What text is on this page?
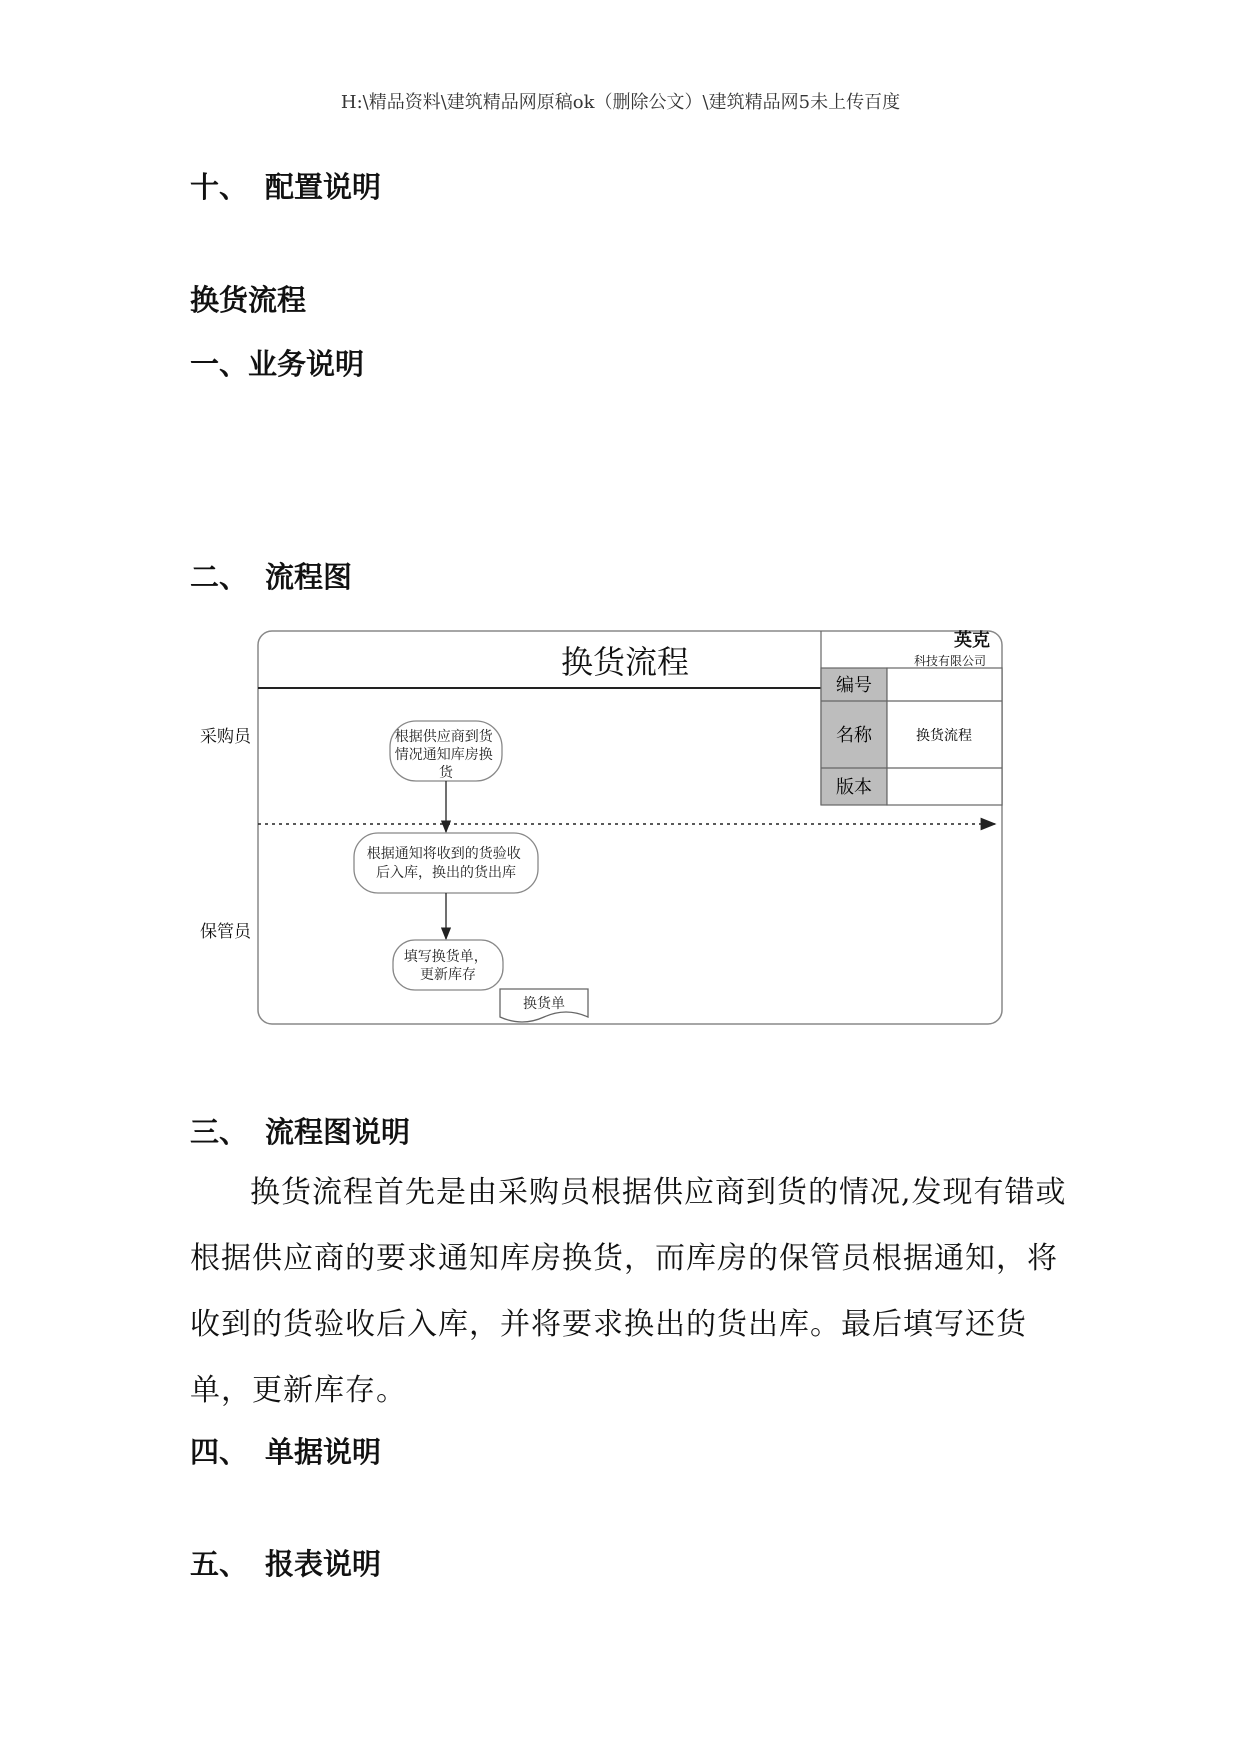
H:\精品资料\建筑精品网原稿ok（删除公文）\建筑精品网5未上传百度
十、 配置说明
换货流程
一、业务说明
二、 流程图
换货流程
英克
科技有限公司
编号
名称	换货流程
版本
采购员
保管员
根据供应商到货 情况通知库房换 货
根据通知将收到的货验收 后入库，换出的货出库
填写换货单， 更新库存
换货单
三、 流程图说明

换货流程首先是由采购员根据供应商到货的情况,发现有错或根据供应商的要求通知库房换货，而库房的保管员根据通知，将收到的货验收后入库，并将要求换出的货出库。最后填写还货单，更新库存。

四、 单据说明
五、 报表说明
